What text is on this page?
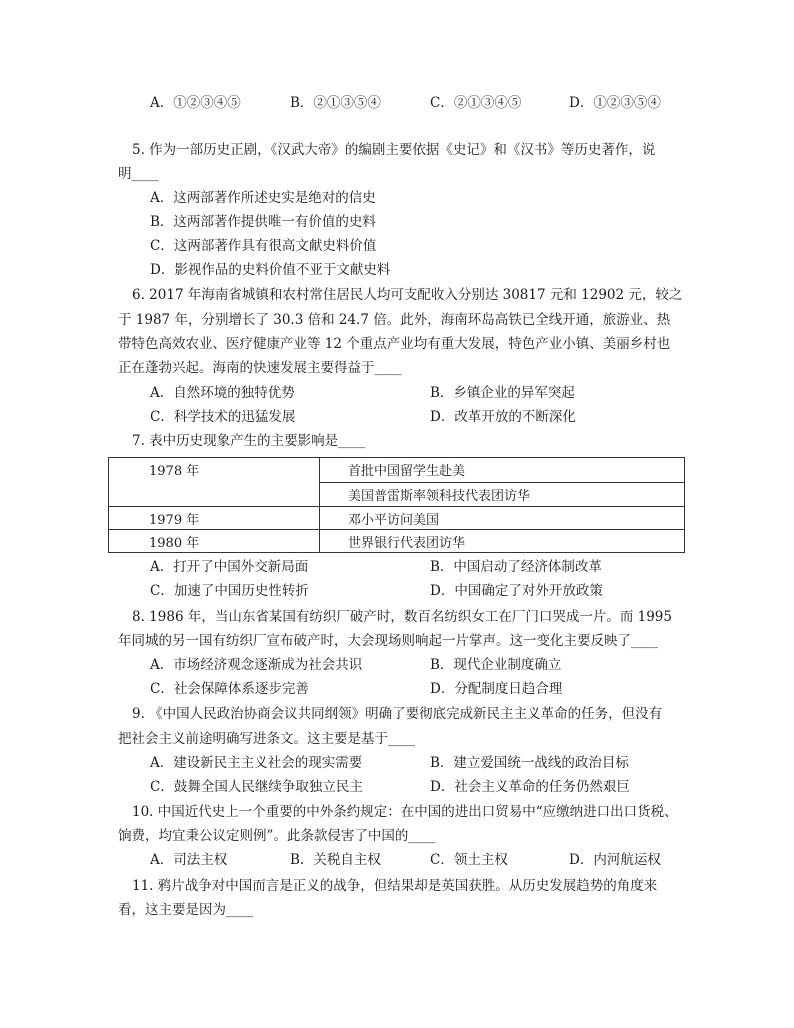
A．①②③④⑤	B．②①③⑤④	C．②①③④⑤	D．①②③⑤④
5. 作为一部历史正剧，《汉武大帝》的编剧主要依据《史记》和《汉书》等历史著作，说
明____
A．这两部著作所述史实是绝对的信史
B．这两部著作提供唯一有价值的史料
C．这两部著作具有很高文献史料价值
D．影视作品的史料价值不亚于文献史料
6. 2017 年海南省城镇和农村常住居民人均可支配收入分别达 30817 元和 12902 元，较之
于 1987 年，分别增长了 30.3 倍和 24.7 倍。此外，海南环岛高铁已全线开通，旅游业、热
带特色高效农业、医疗健康产业等 12 个重点产业均有重大发展，特色产业小镇、美丽乡村也
正在蓬勃兴起。海南的快速发展主要得益于____
A．自然环境的独特优势	B．乡镇企业的异军突起
C．科学技术的迅猛发展	D．改革开放的不断深化
7. 表中历史现象产生的主要影响是____
1978 年	首批中国留学生赴美
	美国普雷斯率领科技代表团访华
1979 年	邓小平访问美国
1980 年	世界银行代表团访华
A．打开了中国外交新局面	B．中国启动了经济体制改革
C．加速了中国历史性转折	D．中国确定了对外开放政策
8. 1986 年，当山东省某国有纺织厂破产时，数百名纺织女工在厂门口哭成一片。而 1995
年同城的另一国有纺织厂宣布破产时，大会现场则响起一片掌声。这一变化主要反映了____
A．市场经济观念逐渐成为社会共识	B．现代企业制度确立
C．社会保障体系逐步完善	D．分配制度日趋合理
9. 《中国人民政治协商会议共同纲领》明确了要彻底完成新民主主义革命的任务，但没有
把社会主义前途明确写进条文。这主要是基于____
A．建设新民主主义社会的现实需要	B．建立爱国统一战线的政治目标
C．鼓舞全国人民继续争取独立民主	D．社会主义革命的任务仍然艰巨
10. 中国近代史上一个重要的中外条约规定：在中国的进出口贸易中“应缴纳进口出口货税、
饷费，均宜秉公议定则例”。此条款侵害了中国的____
A．司法主权	B．关税自主权	C．领土主权	D．内河航运权
11. 鸦片战争对中国而言是正义的战争，但结果却是英国获胜。从历史发展趋势的角度来
看，这主要是因为____
